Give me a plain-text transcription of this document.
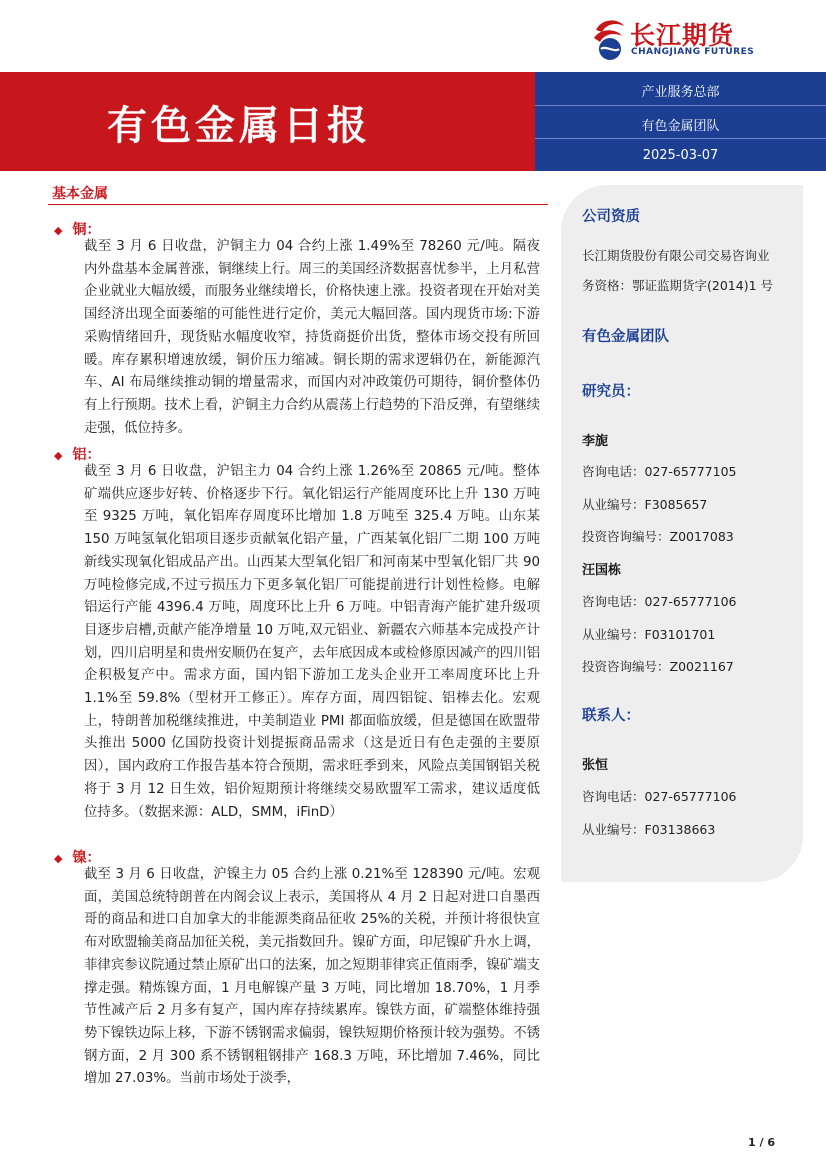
长江期货
CHANGJIANG FUTURES
有色金属日报
产业服务总部
有色金属团队
2025-03-07
基本金属
◆ 铜：
截至 3 月 6 日收盘，沪铜主力 04 合约上涨 1.49%至 78260 元/吨。隔夜内外盘基本金属普涨，铜继续上行。周三的美国经济数据喜忧参半，上月私营企业就业大幅放缓，而服务业继续增长，价格快速上涨。投资者现在开始对美国经济出现全面萎缩的可能性进行定价，美元大幅回落。国内现货市场:下游采购情绪回升，现货贴水幅度收窄，持货商挺价出货，整体市场交投有所回暖。库存累积增速放缓，铜价压力缩减。铜长期的需求逻辑仍在，新能源汽车、AI 布局继续推动铜的增量需求，而国内对冲政策仍可期待，铜价整体仍有上行预期。技术上看，沪铜主力合约从震荡上行趋势的下沿反弹，有望继续走强，低位持多。
◆ 铝：
截至 3 月 6 日收盘，沪铝主力 04 合约上涨 1.26%至 20865 元/吨。整体矿端供应逐步好转、价格逐步下行。氧化铝运行产能周度环比上升 130 万吨至 9325 万吨，氧化铝库存周度环比增加 1.8 万吨至 325.4 万吨。山东某 150 万吨氢氧化铝项目逐步贡献氧化铝产量，广西某氧化铝厂二期 100 万吨新线实现氧化铝成品产出。山西某大型氧化铝厂和河南某中型氧化铝厂共 90 万吨检修完成,不过亏损压力下更多氧化铝厂可能提前进行计划性检修。电解铝运行产能 4396.4 万吨，周度环比上升 6 万吨。中铝青海产能扩建升级项目逐步启槽,贡献产能净增量 10 万吨,双元铝业、新疆农六师基本完成投产计划，四川启明星和贵州安顺仍在复产，去年底因成本或检修原因减产的四川铝企积极复产中。需求方面，国内铝下游加工龙头企业开工率周度环比上升 1.1%至 59.8%（型材开工修正）。库存方面，周四铝锭、铝棒去化。宏观上，特朗普加税继续推进，中美制造业 PMI 都面临放缓，但是德国在欧盟带头推出 5000 亿国防投资计划提振商品需求（这是近日有色走强的主要原因），国内政府工作报告基本符合预期，需求旺季到来，风险点美国钢铝关税将于 3 月 12 日生效，铝价短期预计将继续交易欧盟军工需求，建议适度低位持多。（数据来源：ALD，SMM，iFinD）
◆ 镍：
截至 3 月 6 日收盘，沪镍主力 05 合约上涨 0.21%至 128390 元/吨。宏观面，美国总统特朗普在内阁会议上表示，美国将从 4 月 2 日起对进口自墨西哥的商品和进口自加拿大的非能源类商品征收 25%的关税，并预计将很快宣布对欧盟输美商品加征关税，美元指数回升。镍矿方面，印尼镍矿升水上调，菲律宾参议院通过禁止原矿出口的法案，加之短期菲律宾正值雨季，镍矿端支撑走强。精炼镍方面，1 月电解镍产量 3 万吨，同比增加 18.70%，1 月季节性减产后 2 月多有复产，国内库存持续累库。镍铁方面，矿端整体维持强势下镍铁边际上移，下游不锈钢需求偏弱，镍铁短期价格预计较为强势。不锈钢方面，2 月 300 系不锈钢粗钢排产 168.3 万吨，环比增加 7.46%，同比增加 27.03%。当前市场处于淡季，
公司资质
长江期货股份有限公司交易咨询业
务资格：鄂证监期货字(2014)1 号
有色金属团队
研究员：
李旎
咨询电话：027-65777105
从业编号：F3085657
投资咨询编号：Z0017083
汪国栋
咨询电话：027-65777106
从业编号：F03101701
投资咨询编号：Z0021167
联系人：
张恒
咨询电话：027-65777106
从业编号：F03138663
1 / 6
